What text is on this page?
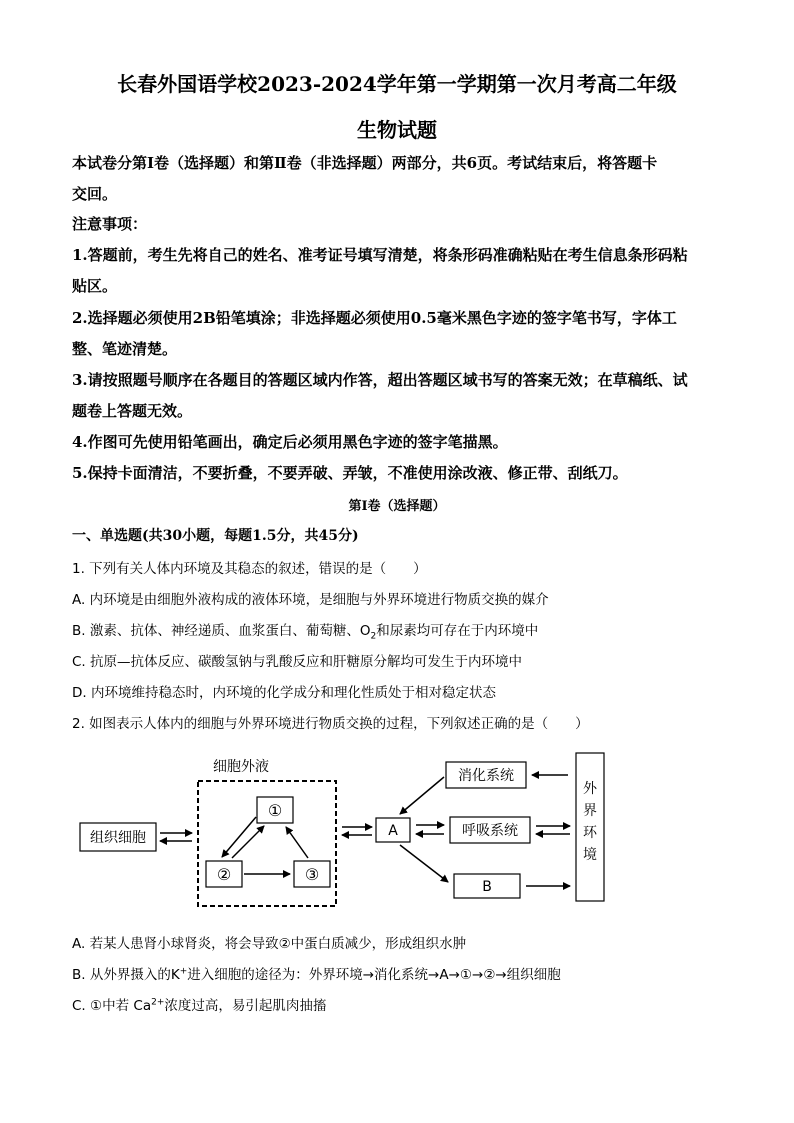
长春外国语学校2023-2024学年第一学期第一次月考高二年级
生物试题
本试卷分第Ⅰ卷（选择题）和第Ⅱ卷（非选择题）两部分，共6页。考试结束后，将答题卡
交回。
注意事项：
1.答题前，考生先将自己的姓名、准考证号填写清楚，将条形码准确粘贴在考生信息条形码粘
贴区。
2.选择题必须使用2B铅笔填涂；非选择题必须使用0.5毫米黑色字迹的签字笔书写，字体工
整、笔迹清楚。
3.请按照题号顺序在各题目的答题区域内作答，超出答题区域书写的答案无效；在草稿纸、试
题卷上答题无效。
4.作图可先使用铅笔画出，确定后必须用黑色字迹的签字笔描黑。
5.保持卡面清洁，不要折叠，不要弄破、弄皱，不准使用涂改液、修正带、刮纸刀。
第Ⅰ卷（选择题）
一、单选题(共30小题，每题1.5分，共45分)
1. 下列有关人体内环境及其稳态的叙述，错误的是（　　）
A. 内环境是由细胞外液构成的液体环境，是细胞与外界环境进行物质交换的媒介
B. 激素、抗体、神经递质、血浆蛋白、葡萄糖、$O_2$和尿素均可存在于内环境中
C. 抗原—抗体反应、碳酸氢钠与乳酸反应和肝糖原分解均可发生于内环境中
D. 内环境维持稳态时，内环境的化学成分和理化性质处于相对稳定状态
2. 如图表示人体内的细胞与外界环境进行物质交换的过程，下列叙述正确的是（　　）
细胞外液
组织细胞
①
②	③
A
消化系统
呼吸系统
B
外
界
环
境
A. 若某人患肾小球肾炎，将会导致②中蛋白质减少，形成组织水肿
B. 从外界摄入的K+进入细胞的途径为：外界环境→消化系统→A→①→②→组织细胞
C. ①中若 $Ca^{2+}$浓度过高，易引起肌肉抽搐
